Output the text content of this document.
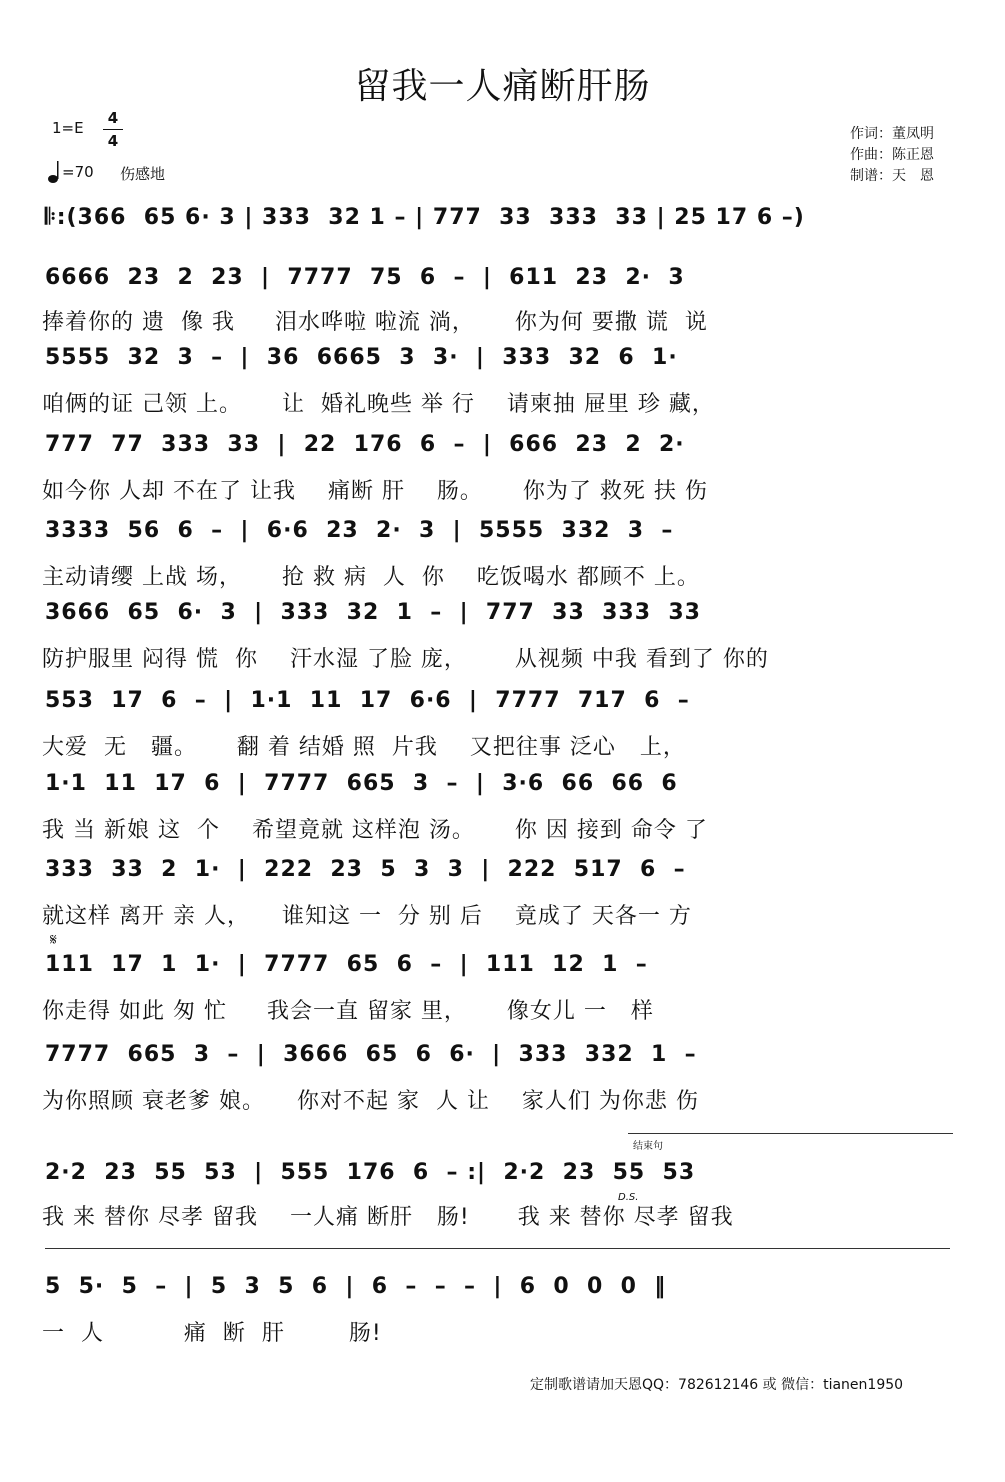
留我一人痛断肝肠
1=E
4
4
=70 伤感地
作词：董凤明
作曲：陈正恩
制谱：天　恩
𝄋
结束句
D.S.
𝄆:(366  65 6· 3 | 333  32 1 – | 777  33  333  33 | 25 17 6 –)
6666  23  2  23  |  7777  75  6  –  |  611  23  2·  3
捧着你的 遗  像 我     泪水哗啦 啦流 淌，     你为何 要撒 谎  说
5555  32  3  –  |  36  6665  3  3·  |  333  32  6  1·
咱俩的证 己领 上。     让  婚礼晚些 举 行    请柬抽 屉里 珍 藏，
777  77  333  33  |  22  176  6  –  |  666  23  2  2·
如今你 人却 不在了 让我    痛断 肝    肠。     你为了 救死 扶 伤
3333  56  6  –  |  6·6  23  2·  3  |  5555  332  3  –
主动请缨 上战 场，     抢 救 病  人  你    吃饭喝水 都顾不 上。
3666  65  6·  3  |  333  32  1  –  |  777  33  333  33
防护服里 闷得 慌  你    汗水湿 了脸 庞，      从视频 中我 看到了 你的
553  17  6  –  |  1·1  11  17  6·6  |  7777  717  6  –
大爱  无   疆。     翻 着 结婚 照  片我    又把往事 泛心   上，
1·1  11  17  6  |  7777  665  3  –  |  3·6  66  66  6
我 当 新娘 这  个    希望竟就 这样泡 汤。     你 因 接到 命令 了
333  33  2  1·  |  222  23  5  3  3  |  222  517  6  –
就这样 离开 亲 人，    谁知这 一  分 别 后    竟成了 天各一 方
111  17  1  1·  |  7777  65  6  –  |  111  12  1  –
你走得 如此 匆 忙     我会一直 留家 里，     像女儿 一   样
7777  665  3  –  |  3666  65  6  6·  |  333  332  1  –
为你照顾 衰老爹 娘。    你对不起 家  人 让    家人们 为你悲 伤
2·2  23  55  53  |  555  176  6  – :|  2·2  23  55  53
我 来 替你 尽孝 留我    一人痛 断肝   肠!      我 来 替你 尽孝 留我
5  5·  5  –  |  5  3  5  6  |  6  –  –  –  |  6  0  0  0  ‖
一  人          痛  断  肝        肠!
定制歌谱请加天恩QQ：782612146 或 微信：tianen1950
